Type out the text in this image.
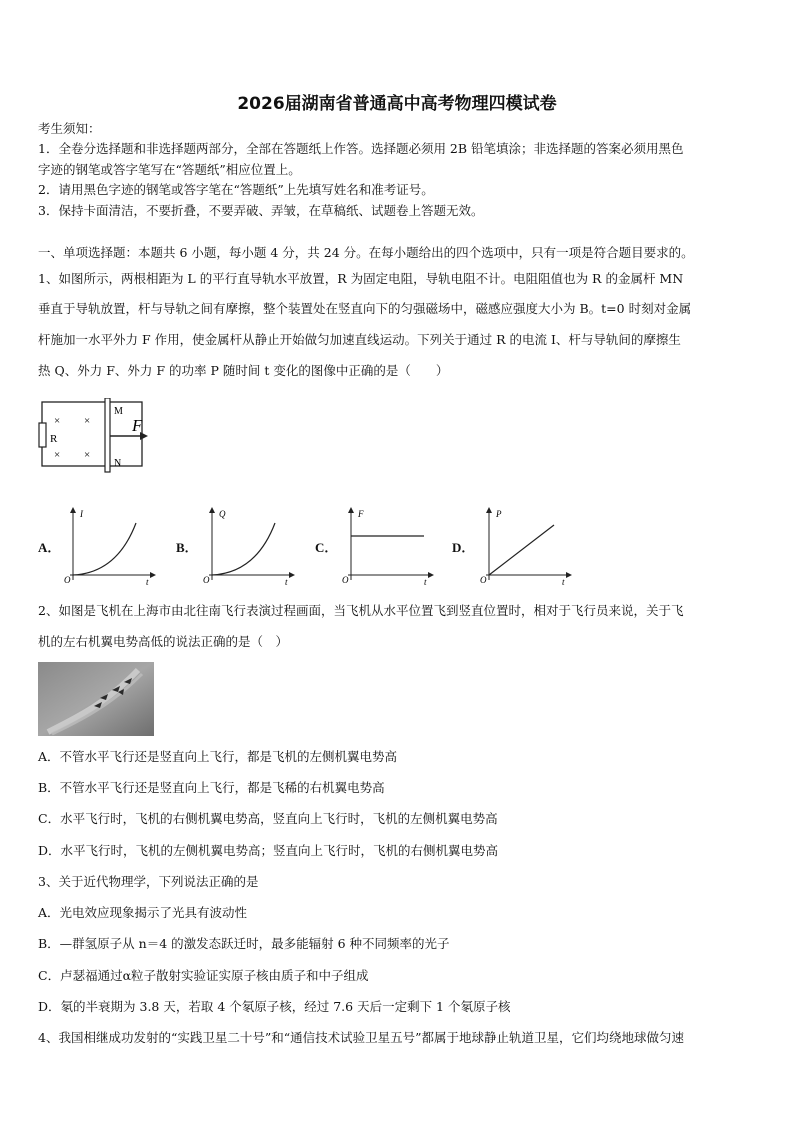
2026届湖南省普通高中高考物理四模试卷
考生须知：
1．全卷分选择题和非选择题两部分，全部在答题纸上作答。选择题必须用 2B 铅笔填涂；非选择题的答案必须用黑色
字迹的钢笔或答字笔写在“答题纸”相应位置上。
2．请用黑色字迹的钢笔或答字笔在“答题纸”上先填写姓名和准考证号。
3．保持卡面清洁，不要折叠，不要弄破、弄皱，在草稿纸、试题卷上答题无效。
一、单项选择题：本题共 6 小题，每小题 4 分，共 24 分。在每小题给出的四个选项中，只有一项是符合题目要求的。
1、如图所示，两根相距为 L 的平行直导轨水平放置，R 为固定电阻，导轨电阻不计。电阻阻值也为 R 的金属杆 MN
垂直于导轨放置，杆与导轨之间有摩擦，整个装置处在竖直向下的匀强磁场中，磁感应强度大小为 B。t=0 时刻对金属
杆施加一水平外力 F 作用，使金属杆从静止开始做匀加速直线运动。下列关于通过 R 的电流 I、杆与导轨间的摩擦生
热 Q、外力 F、外力 F 的功率 P 随时间 t 变化的图像中正确的是（　　）
R
× ×
× ×
M
N
F
A．
I
t
O
B．
Q
t
O
C．
F
t
O
D．
P
t
O
2、如图是飞机在上海市由北往南飞行表演过程画面，当飞机从水平位置飞到竖直位置时，相对于飞行员来说，关于飞
机的左右机翼电势高低的说法正确的是（　）
A．不管水平飞行还是竖直向上飞行，都是飞机的左侧机翼电势高
B．不管水平飞行还是竖直向上飞行，都是飞稀的右机翼电势高
C．水平飞行时，飞机的右侧机翼电势高，竖直向上飞行时，飞机的左侧机翼电势高
D．水平飞行时，飞机的左侧机翼电势高；竖直向上飞行时，飞机的右侧机翼电势高
3、关于近代物理学，下列说法正确的是
A．光电效应现象揭示了光具有波动性
B．—群氢原子从 n＝4 的激发态跃迁时，最多能辐射 6 种不同频率的光子
C．卢瑟福通过α粒子散射实验证实原子核由质子和中子组成
D．氡的半衰期为 3.8 天，若取 4 个氡原子核，经过 7.6 天后一定剩下 1 个氡原子核
4、我国相继成功发射的“实践卫星二十号”和“通信技术试验卫星五号”都属于地球静止轨道卫星，它们均绕地球做匀速
